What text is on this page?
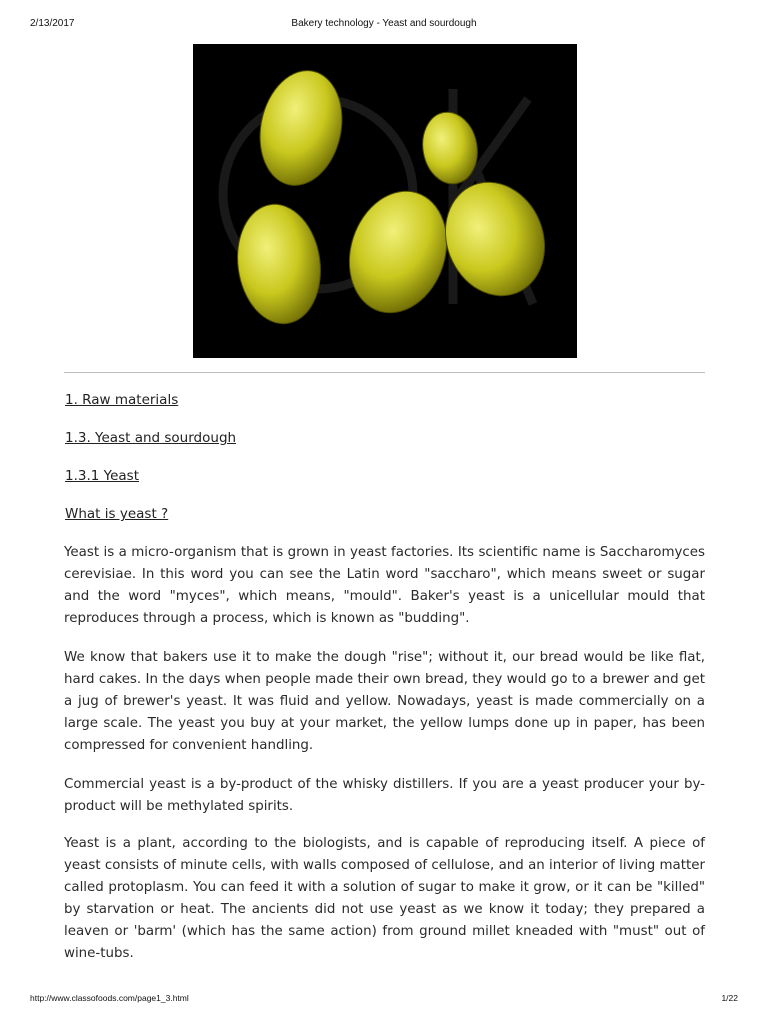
2/13/2017	Bakery technology - Yeast and sourdough
1. Raw materials
1.3. Yeast and sourdough
1.3.1 Yeast
What is yeast ?

Yeast is a micro-organism that is grown in yeast factories. Its scientific name is Saccharomyces cerevisiae. In this word you can see the Latin word "saccharo", which means sweet or sugar and the word "myces", which means, "mould". Baker's yeast is a unicellular mould that reproduces through a process, which is known as "budding".

We know that bakers use it to make the dough "rise"; without it, our bread would be like flat, hard cakes. In the days when people made their own bread, they would go to a brewer and get a jug of brewer's yeast. It was fluid and yellow. Nowadays, yeast is made commercially on a large scale. The yeast you buy at your market, the yellow lumps done up in paper, has been compressed for convenient handling.

Commercial yeast is a by-product of the whisky distillers. If you are a yeast producer your by-product will be methylated spirits.

Yeast is a plant, according to the biologists, and is capable of reproducing itself. A piece of yeast consists of minute cells, with walls composed of cellulose, and an interior of living matter called protoplasm. You can feed it with a solution of sugar to make it grow, or it can be "killed" by starvation or heat. The ancients did not use yeast as we know it today; they prepared a leaven or 'barm' (which has the same action) from ground millet kneaded with "must" out of wine-tubs.

http://www.classofoods.com/page1_3.html	1/22
